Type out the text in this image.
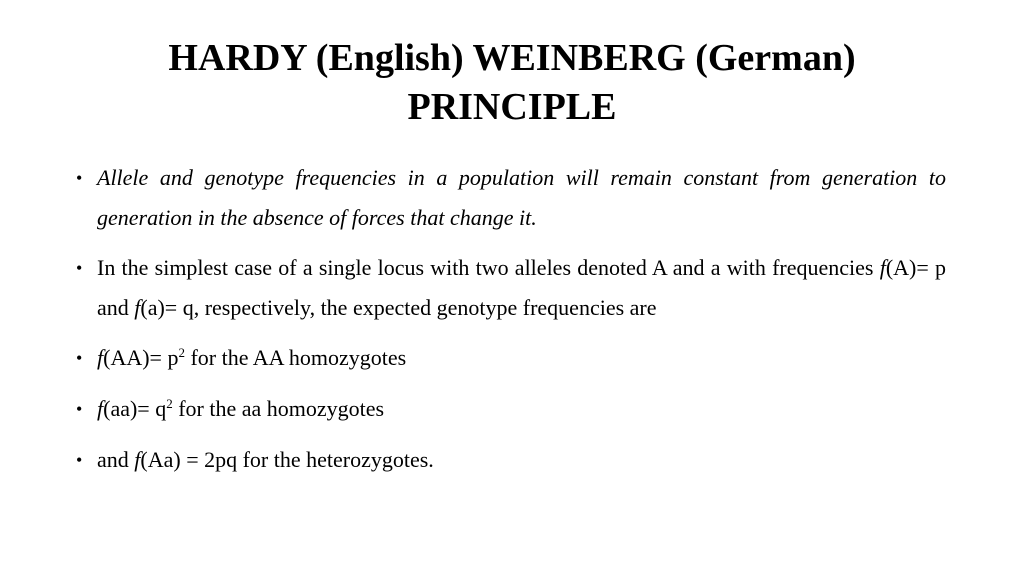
HARDY (English) WEINBERG (German)
PRINCIPLE
• Allele and genotype frequencies in a population will remain constant from generation to generation in the absence of forces that change it.
• In the simplest case of a single locus with two alleles denoted A and a with frequencies f(A)= p and f(a)= q, respectively, the expected genotype frequencies are
• $f(AA)= p^2$ for the AA homozygotes
• $f(aa)= q^2$ for the aa homozygotes
• and f(Aa) = 2pq for the heterozygotes.
